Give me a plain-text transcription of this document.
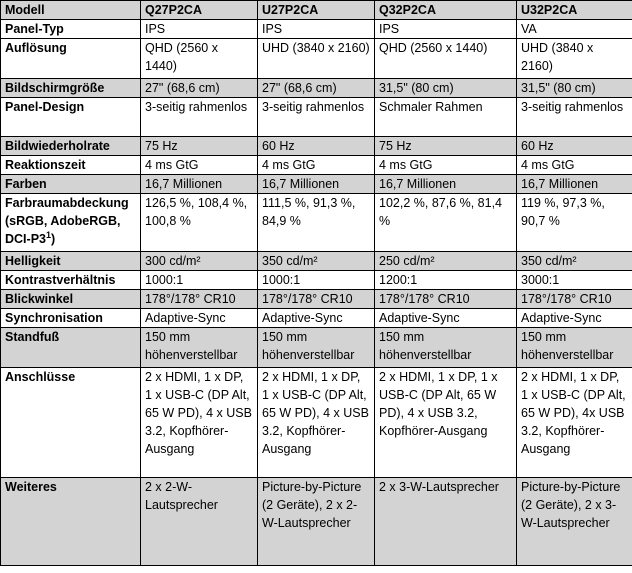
Modell	Q27P2CA	U27P2CA	Q32P2CA	U32P2CA
Panel-Typ	IPS	IPS	IPS	VA
Auflösung	QHD (2560 x 1440)	UHD (3840 x 2160)	QHD (2560 x 1440)	UHD (3840 x 2160)
Bildschirmgröße	27" (68,6 cm)	27" (68,6 cm)	31,5" (80 cm)	31,5" (80 cm)
Panel-Design	3-seitig rahmenlos	3-seitig rahmenlos	Schmaler Rahmen	3-seitig rahmenlos
Bildwiederholrate	75 Hz	60 Hz	75 Hz	60 Hz
Reaktionszeit	4 ms GtG	4 ms GtG	4 ms GtG	4 ms GtG
Farben	16,7 Millionen	16,7 Millionen	16,7 Millionen	16,7 Millionen
Farbraumabdeckung (sRGB, AdobeRGB, DCI-$P3^1$)	126,5 %, 108,4 %, 100,8 %	111,5 %, 91,3 %, 84,9 %	102,2 %, 87,6 %, 81,4 %	119 %, 97,3 %, 90,7 %
Helligkeit	300 cd/m²	350 cd/m²	250 cd/m²	350 cd/m²
Kontrastverhältnis	1000:1	1000:1	1200:1	3000:1
Blickwinkel	178°/178° CR10	178°/178° CR10	178°/178° CR10	178°/178° CR10
Synchronisation	Adaptive-Sync	Adaptive-Sync	Adaptive-Sync	Adaptive-Sync
Standfuß	150 mm höhenverstellbar	150 mm höhenverstellbar	150 mm höhenverstellbar	150 mm höhenverstellbar
Anschlüsse	2 x HDMI, 1 x DP, 1 x USB-C (DP Alt, 65 W PD), 4 x USB 3.2, Kopfhörer-Ausgang	2 x HDMI, 1 x DP, 1 x USB-C (DP Alt, 65 W PD), 4 x USB 3.2, Kopfhörer-Ausgang	2 x HDMI, 1 x DP, 1 x USB-C (DP Alt, 65 W PD), 4 x USB 3.2, Kopfhörer-Ausgang	2 x HDMI, 1 x DP, 1 x USB-C (DP Alt, 65 W PD), 4x USB 3.2, Kopfhörer-Ausgang
Weiteres	2 x 2-W-Lautsprecher	Picture-by-Picture (2 Geräte), 2 x 2-W-Lautsprecher	2 x 3-W-Lautsprecher	Picture-by-Picture (2 Geräte), 2 x 3-W-Lautsprecher
